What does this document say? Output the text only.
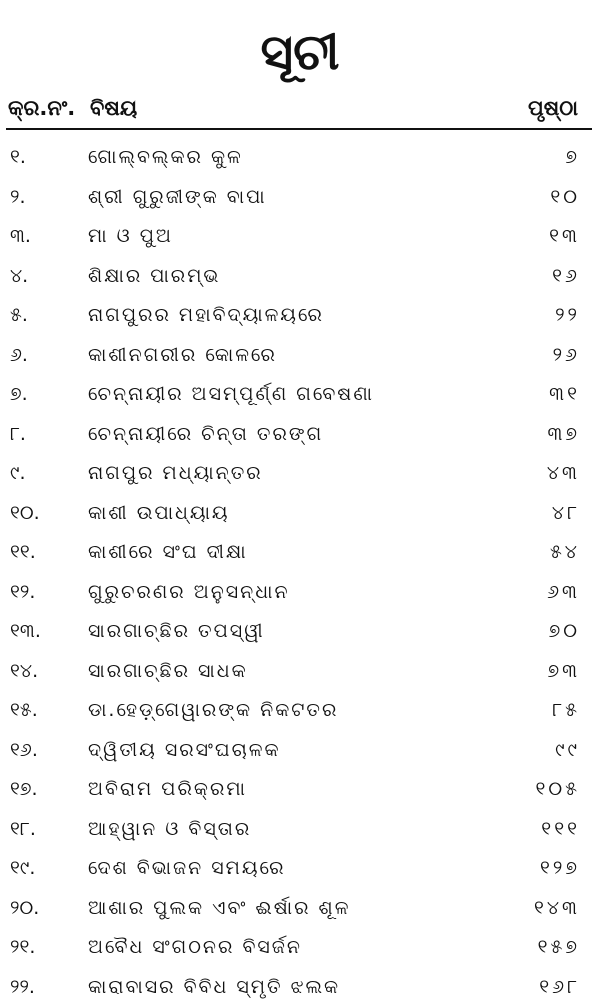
ସୂଚୀ
କ୍ର.ନଂ. ବିଷୟ	ପୃଷ୍ଠା
୧.	ଗୋଲ୍‌ବଲ୍‌କର କୁଳ	୭
୨.	ଶ୍ରୀ ଗୁରୁଜୀଙ୍କ ବାପା	୧୦
୩.	ମା ଓ ପୁଅ	୧୩
୪.	ଶିକ୍ଷାର ପାରମ୍ଭ	୧୬
୫.	ନାଗପୁରର ମହାବିଦ୍ୟାଳୟରେ	୨୨
୬.	କାଶୀନଗରୀର କୋଳରେ	୨୬
୭.	ଚେନ୍ନାୟୀର ଅସମ୍ପୂର୍ଣ୍ଣ ଗବେଷଣା	୩୧
୮.	ଚେନ୍ନାୟୀରେ ଚିନ୍ତା ତରଙ୍ଗ	୩୭
୯.	ନାଗପୁର ମଧ୍ୟାନ୍ତର	୪୩
୧୦.	କାଶୀ ଉପାଧ୍ୟାୟ	୪୮
୧୧.	କାଶୀରେ ସଂଘ ଦୀକ୍ଷା	୫୪
୧୨.	ଗୁରୁଚରଣର ଅନୁସନ୍ଧାନ	୬୩
୧୩. ସାରଗାଚ୍ଛିର ତପସ୍ୱୀ	୭୦
୧୪.	ସାରଗାଚ୍ଛିର ସାଧକ	୭୩
୧୫.	ଡା.ହେଡ଼୍‌ଗେୱାରଙ୍କ ନିକଟତର	୮୫
୧୬.	ଦ୍ୱିତୀୟ ସରସଂଘଚାଳକ	୯୯
୧୭.	ଅବିରାମ ପରିକ୍ରମା	୧୦୫
୧୮.	ଆହ୍ୱାନ ଓ ବିସ୍ତାର	୧୧୧
୧୯.	ଦେଶ ବିଭାଜନ ସମୟରେ	୧୨୭
୨୦.	ଆଶାର ପୁଲକ ଏବଂ ଈର୍ଷାର ଶୂଳ	୧୪୩
୨୧.	ଅବୈଧ ସଂଗଠନର ବିସର୍ଜନ	୧୫୭
୨୨.	କାରାବାସର ବିବିଧ ସ୍ମୃତି ଝଲକ	୧୬୮
